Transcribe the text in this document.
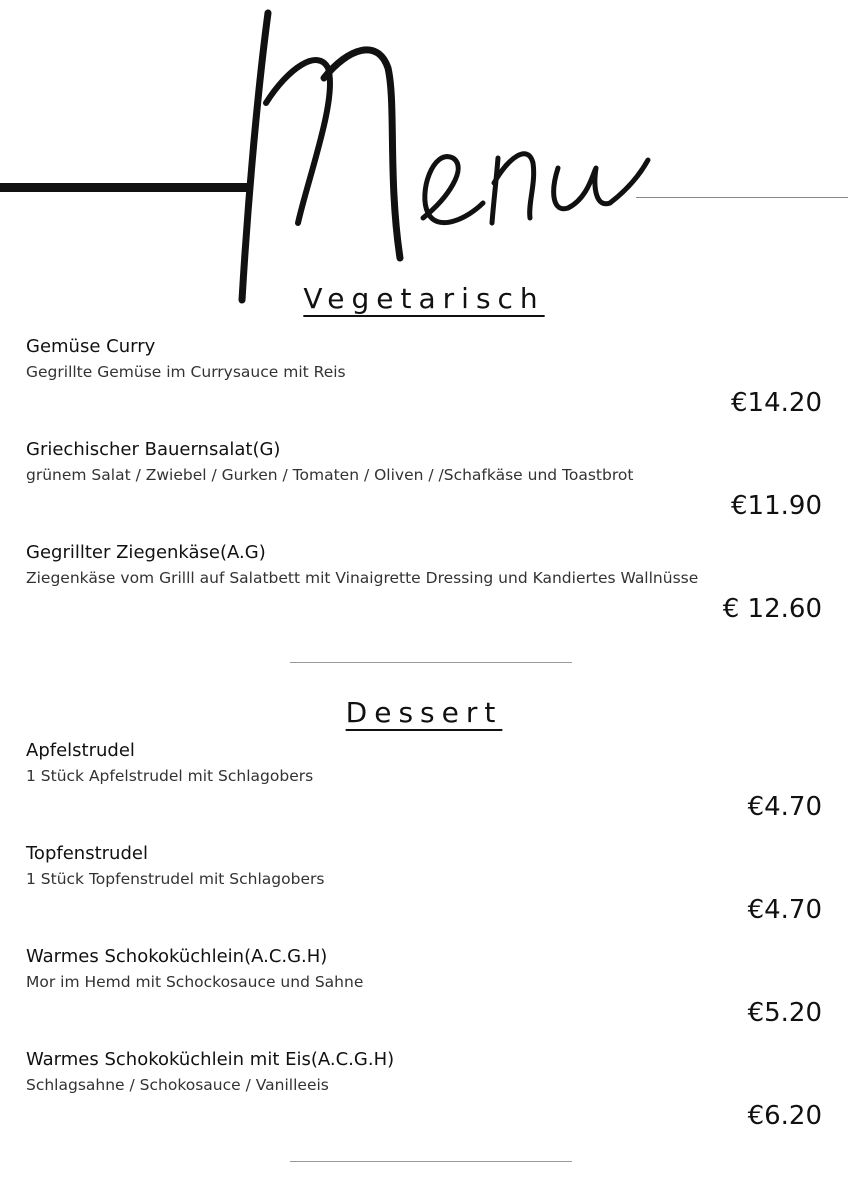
Vegetarisch
Gemüse Curry
Gegrillte Gemüse im Currysauce mit Reis
€14.20
Griechischer Bauernsalat(G)
grünem Salat / Zwiebel / Gurken / Tomaten / Oliven / /Schafkäse und Toastbrot
€11.90
Gegrillter Ziegenkäse(A.G)
Ziegenkäse vom Grilll auf Salatbett mit Vinaigrette Dressing und Kandiertes Wallnüsse
€ 12.60
Dessert
Apfelstrudel
1 Stück Apfelstrudel mit Schlagobers
€4.70
Topfenstrudel
1 Stück Topfenstrudel mit Schlagobers
€4.70
Warmes Schokoküchlein(A.C.G.H)
Mor im Hemd mit Schockosauce und Sahne
€5.20
Warmes Schokoküchlein mit Eis(A.C.G.H)
Schlagsahne / Schokosauce / Vanilleeis
€6.20
